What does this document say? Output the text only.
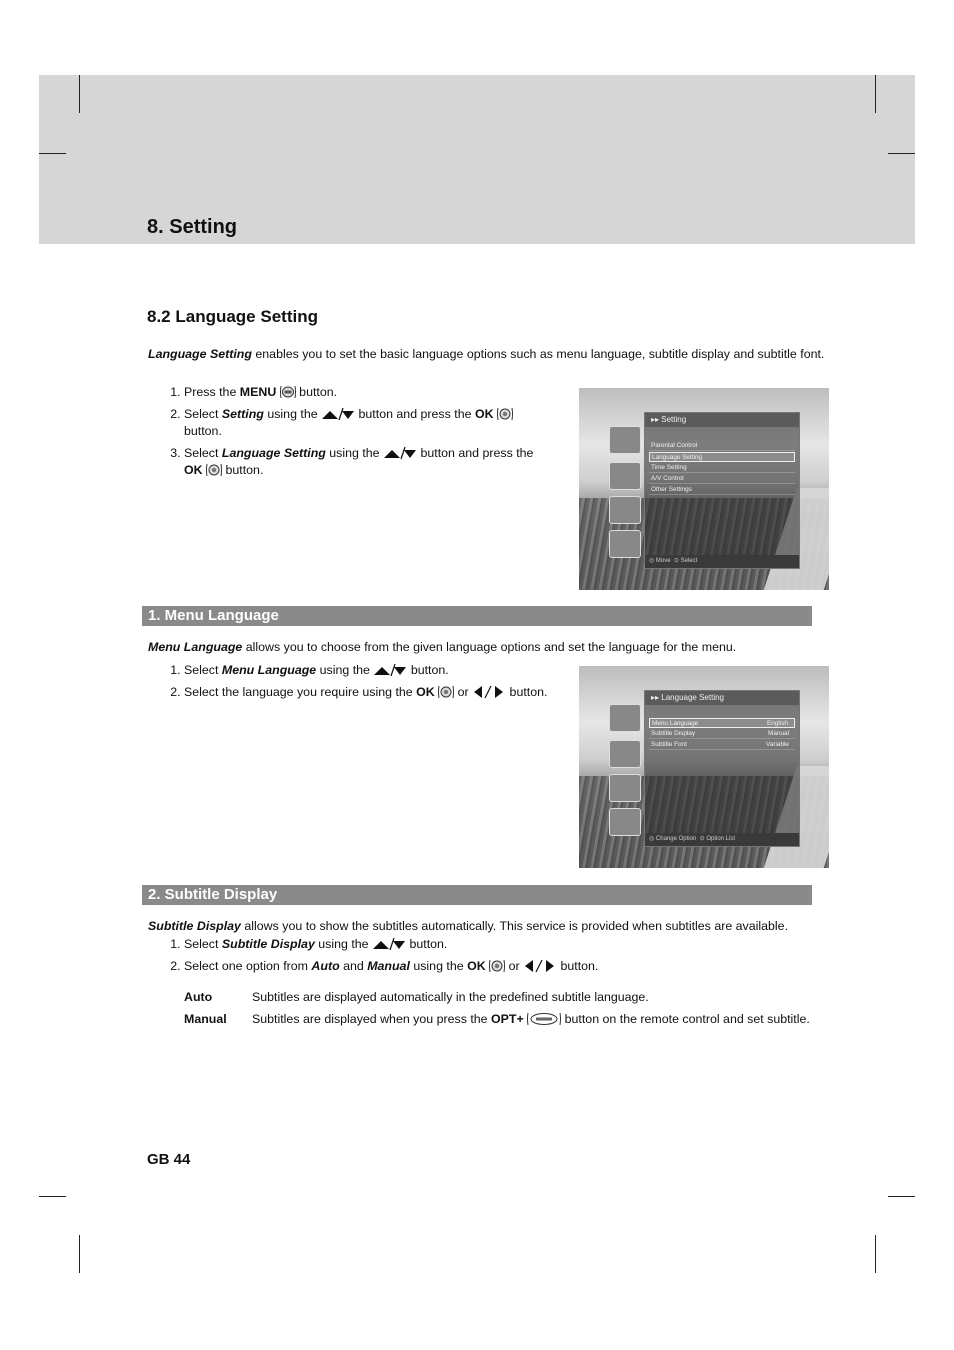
8. Setting
8.2 Language Setting

Language Setting enables you to set the basic language options such as menu language, subtitle display and subtitle font.

1. Press the MENU  button.
2. Select Setting using the	button and press the OK
button.
3. Select Language Setting using the	button and press the
OK  button.
▸▸ Setting
Parental Control
Language Setting
Time Setting
A/V Control
Other Settings
◎ Move  ⊙ Select
1. Menu Language

Menu Language allows you to choose from the given language options and set the language for the menu.

1. Select Menu Language using the	button.
2. Select the language you require using the OK  or	button.	▸▸ Language Setting
Menu Language	English
Subtitle Display	Manual
Subtitle Font	Variable
◎ Change Option  ⊙ Option List
2. Subtitle Display

Subtitle Display allows you to show the subtitles automatically. This service is provided when subtitles are available.

1. Select Subtitle Display using the	button.
2. Select one option from Auto and Manual using the OK  or	button.
Auto	Subtitles are displayed automatically in the predefined subtitle language.
Manual Subtitles are displayed when you press the OPT+	button on the remote control and set subtitle.

GB 44
